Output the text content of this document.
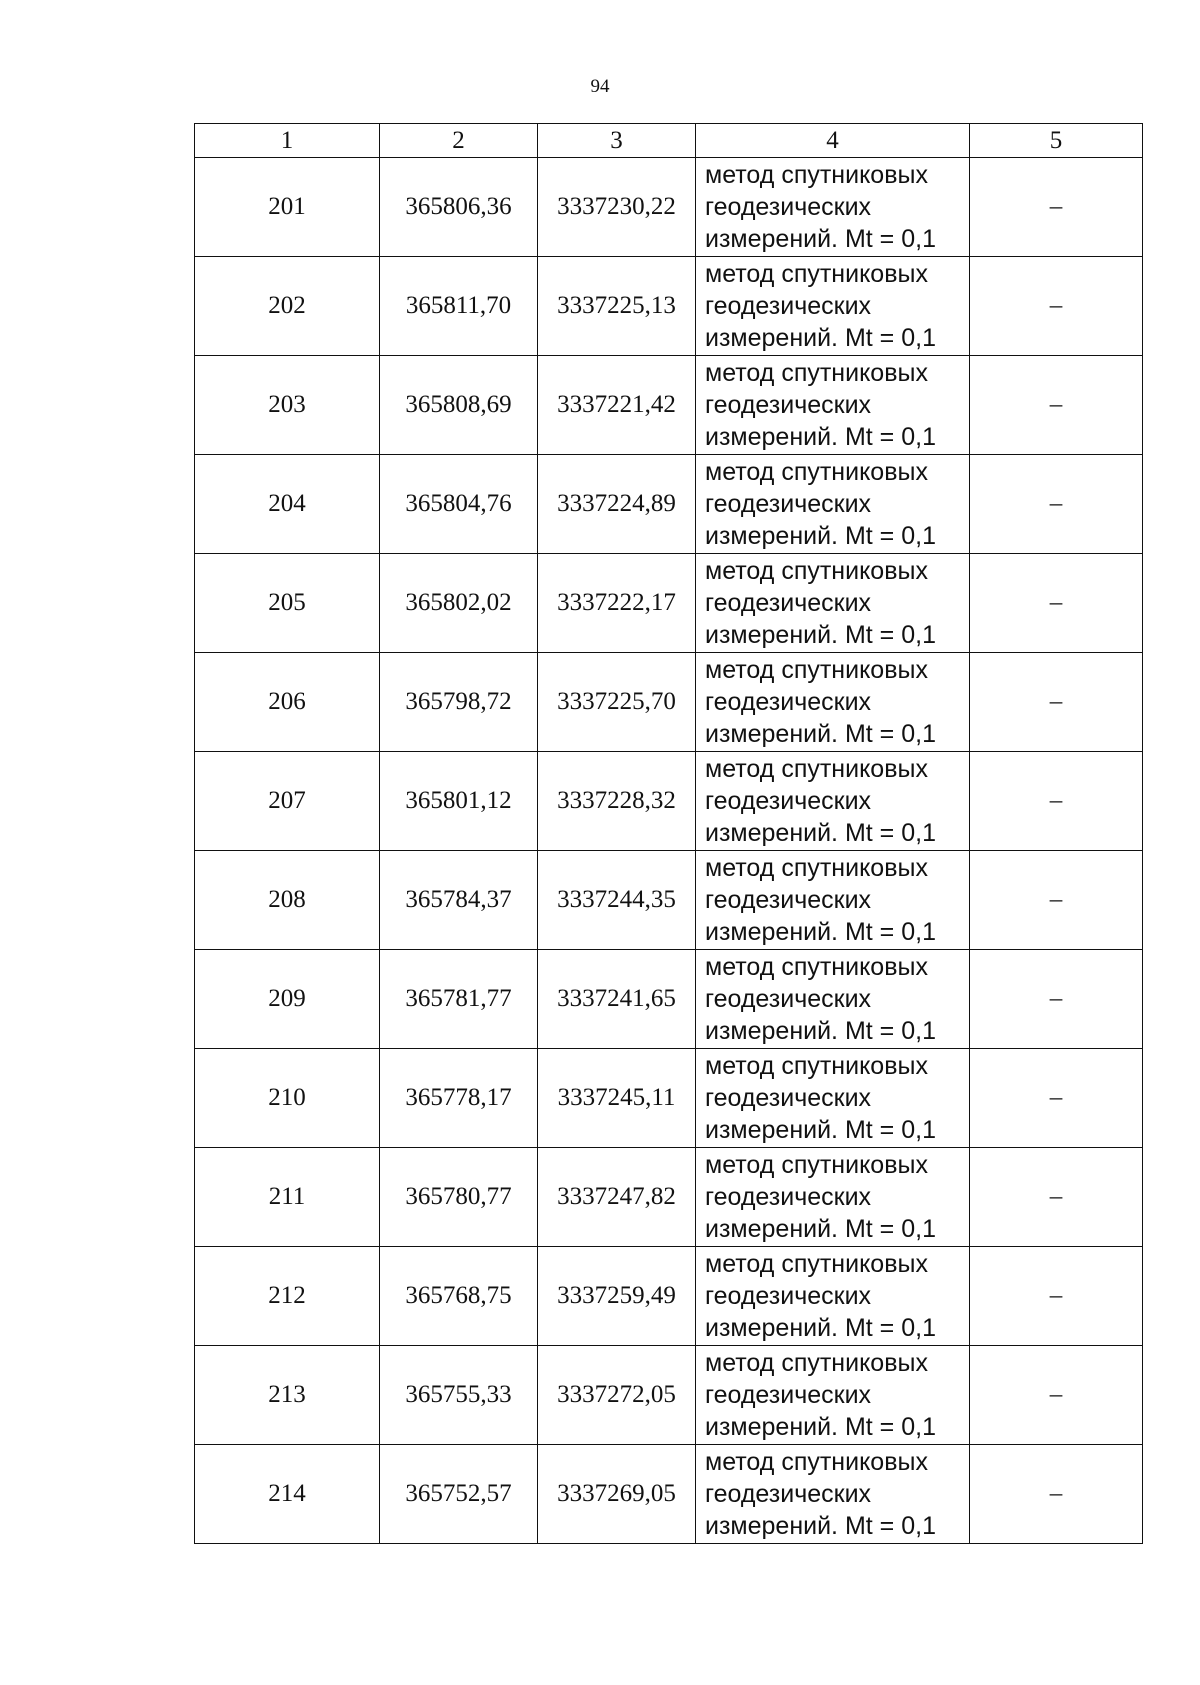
94
1	2	3	4	5
201	365806,36	3337230,22	метод спутниковых
геодезических
измерений. Mt = 0,1	–
202	365811,70	3337225,13	метод спутниковых
геодезических
измерений. Mt = 0,1	–
203	365808,69	3337221,42	метод спутниковых
геодезических
измерений. Mt = 0,1	–
204	365804,76	3337224,89	метод спутниковых
геодезических
измерений. Mt = 0,1	–
205	365802,02	3337222,17	метод спутниковых
геодезических
измерений. Mt = 0,1	–
206	365798,72	3337225,70	метод спутниковых
геодезических
измерений. Mt = 0,1	–
207	365801,12	3337228,32	метод спутниковых
геодезических
измерений. Mt = 0,1	–
208	365784,37	3337244,35	метод спутниковых
геодезических
измерений. Mt = 0,1	–
209	365781,77	3337241,65	метод спутниковых
геодезических
измерений. Mt = 0,1	–
210	365778,17	3337245,11	метод спутниковых
геодезических
измерений. Mt = 0,1	–
211	365780,77	3337247,82	метод спутниковых
геодезических
измерений. Mt = 0,1	–
212	365768,75	3337259,49	метод спутниковых
геодезических
измерений. Mt = 0,1	–
213	365755,33	3337272,05	метод спутниковых
геодезических
измерений. Mt = 0,1	–
214	365752,57	3337269,05	метод спутниковых
геодезических
измерений. Mt = 0,1	–
